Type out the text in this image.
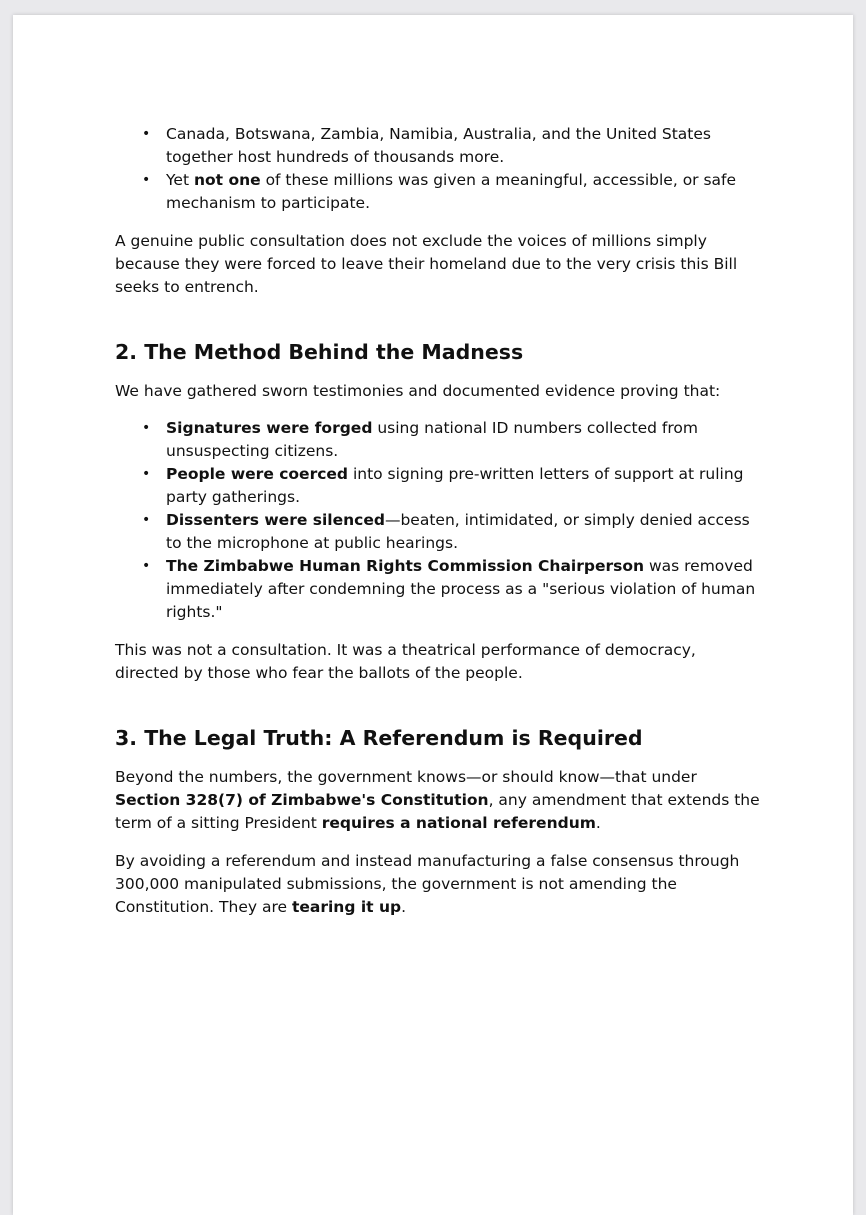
• Canada, Botswana, Zambia, Namibia, Australia, and the United States together host hundreds of thousands more.
• Yet not one of these millions was given a meaningful, accessible, or safe mechanism to participate.

A genuine public consultation does not exclude the voices of millions simply because they were forced to leave their homeland due to the very crisis this Bill seeks to entrench.

2. The Method Behind the Madness

We have gathered sworn testimonies and documented evidence proving that:

• Signatures were forged using national ID numbers collected from unsuspecting citizens.
• People were coerced into signing pre-written letters of support at ruling party gatherings.
• Dissenters were silenced—beaten, intimidated, or simply denied access to the microphone at public hearings.
• The Zimbabwe Human Rights Commission Chairperson was removed immediately after condemning the process as a "serious violation of human rights."

This was not a consultation. It was a theatrical performance of democracy, directed by those who fear the ballots of the people.

3. The Legal Truth: A Referendum is Required

Beyond the numbers, the government knows—or should know—that under Section 328(7) of Zimbabwe's Constitution, any amendment that extends the term of a sitting President requires a national referendum.

By avoiding a referendum and instead manufacturing a false consensus through 300,000 manipulated submissions, the government is not amending the Constitution. They are tearing it up.
